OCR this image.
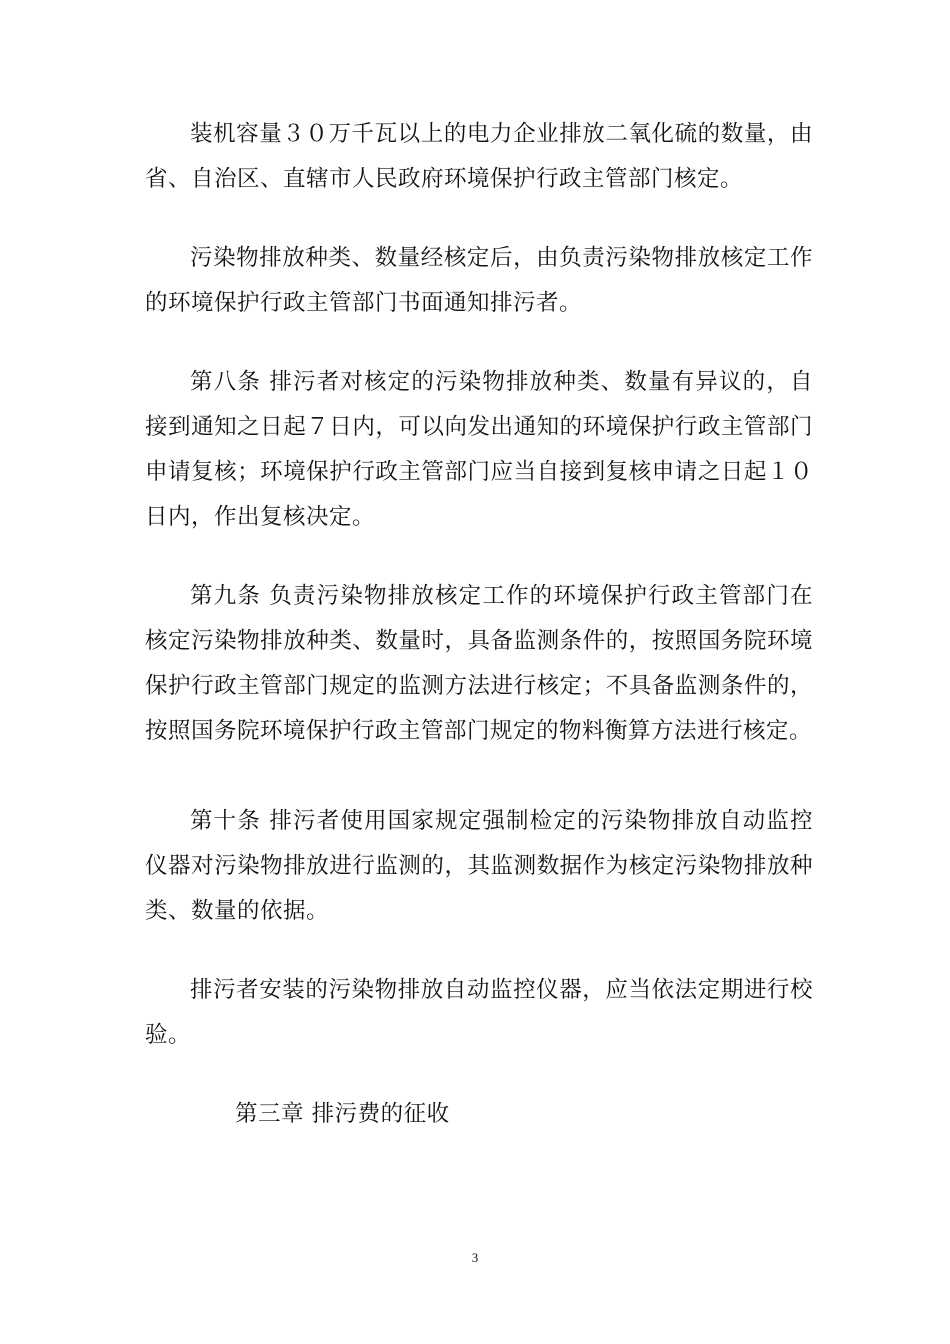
装机容量３０万千瓦以上的电力企业排放二氧化硫的数量，由省、自治区、直辖市人民政府环境保护行政主管部门核定。

污染物排放种类、数量经核定后，由负责污染物排放核定工作的环境保护行政主管部门书面通知排污者。

第八条 排污者对核定的污染物排放种类、数量有异议的，自接到通知之日起７日内，可以向发出通知的环境保护行政主管部门申请复核；环境保护行政主管部门应当自接到复核申请之日起１０日内，作出复核决定。

第九条 负责污染物排放核定工作的环境保护行政主管部门在核定污染物排放种类、数量时，具备监测条件的，按照国务院环境保护行政主管部门规定的监测方法进行核定；不具备监测条件的，按照国务院环境保护行政主管部门规定的物料衡算方法进行核定。

第十条 排污者使用国家规定强制检定的污染物排放自动监控仪器对污染物排放进行监测的，其监测数据作为核定污染物排放种类、数量的依据。

排污者安装的污染物排放自动监控仪器，应当依法定期进行校验。

第三章 排污费的征收

3
